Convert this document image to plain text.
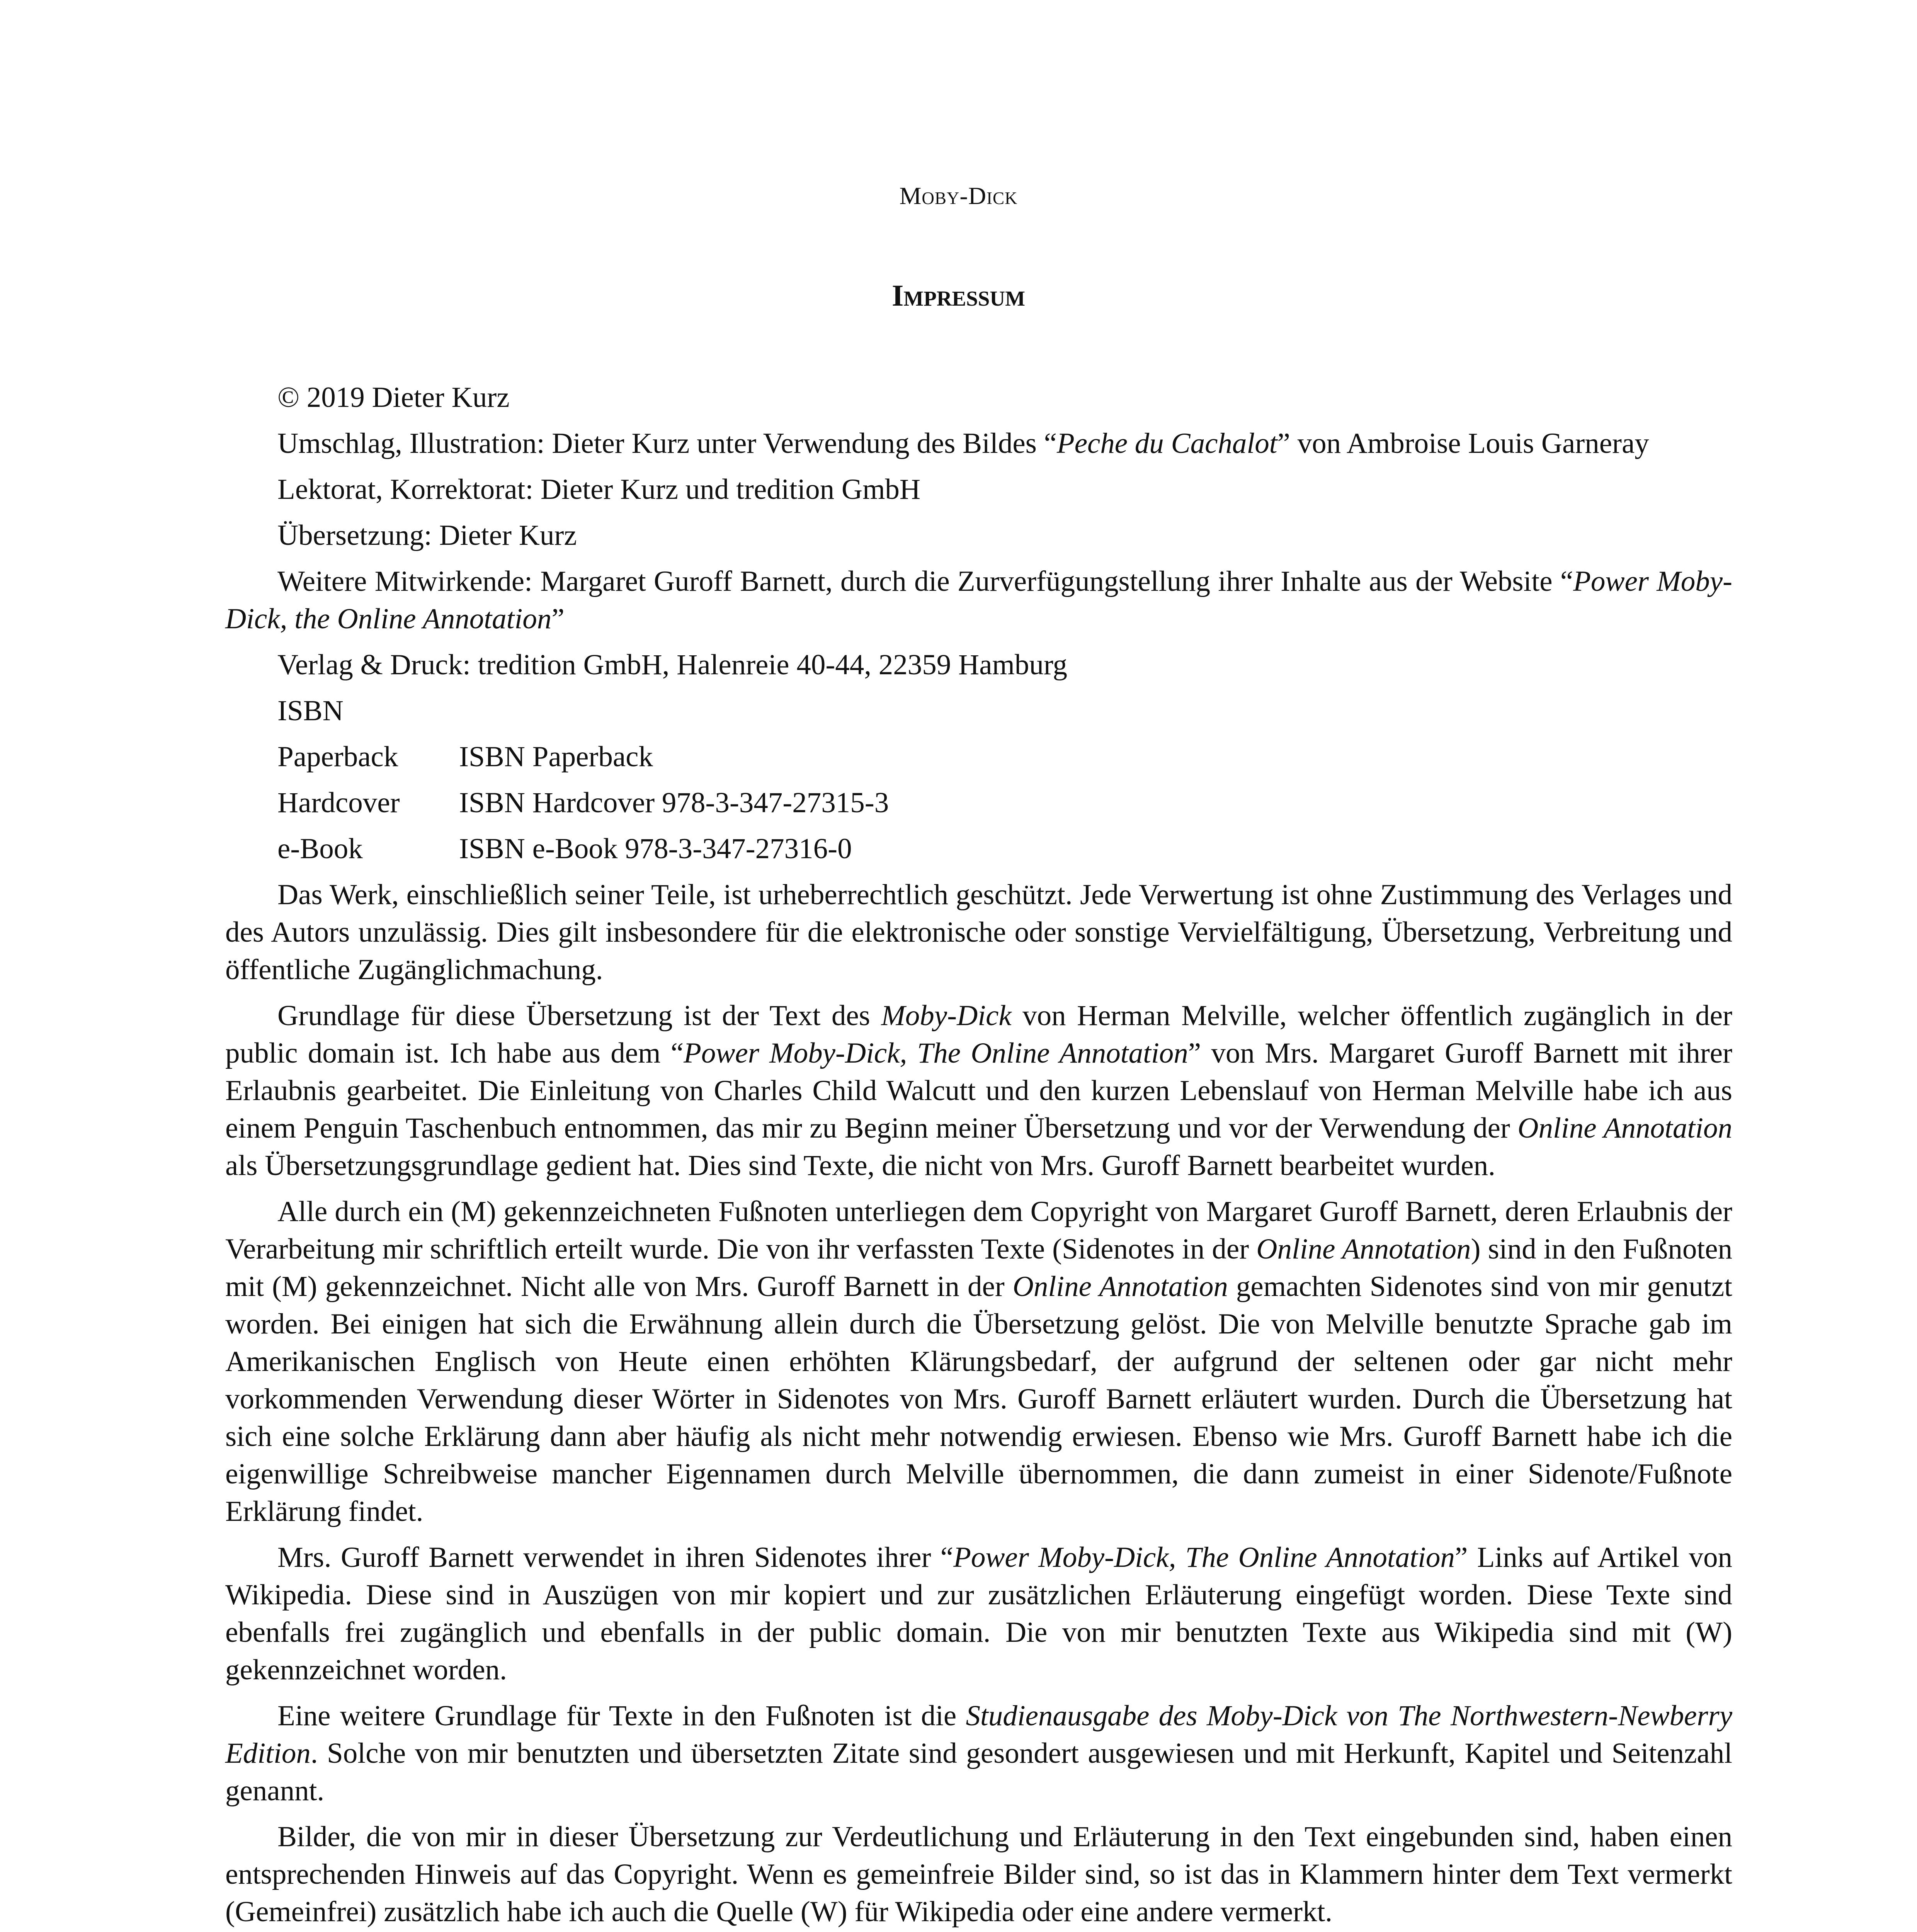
Moby-Dick
Impressum

© 2019 Dieter Kurz

Umschlag, Illustration: Dieter Kurz unter Verwendung des Bildes “Peche du Cachalot” von Ambroise Louis Garneray

Lektorat, Korrektorat: Dieter Kurz und tredition GmbH

Übersetzung: Dieter Kurz

Weitere Mitwirkende: Margaret Guroff Barnett, durch die Zurverfügungstellung ihrer Inhalte aus der Website “Power Moby-Dick, the Online Annotation”

Verlag & Druck: tredition GmbH, Halenreie 40-44, 22359 Hamburg

ISBN

Paperback	ISBN Paperback
Hardcover	ISBN Hardcover 978-3-347-27315-3
e-Book	ISBN e-Book 978-3-347-27316-0

Das Werk, einschließlich seiner Teile, ist urheberrechtlich geschützt. Jede Verwertung ist ohne Zustimmung des Verlages und des Autors unzulässig. Dies gilt insbesondere für die elektronische oder sonstige Vervielfältigung, Übersetzung, Verbreitung und öffentliche Zugänglichmachung.

Grundlage für diese Übersetzung ist der Text des Moby-Dick von Herman Melville, welcher öffentlich zugänglich in der public domain ist. Ich habe aus dem “Power Moby-Dick, The Online Annotation” von Mrs. Margaret Guroff Barnett mit ihrer Erlaubnis gearbeitet. Die Einleitung von Charles Child Walcutt und den kurzen Lebenslauf von Herman Melville habe ich aus einem Penguin Taschenbuch entnommen, das mir zu Beginn meiner Übersetzung und vor der Verwendung der Online Annotation als Übersetzungsgrundlage gedient hat. Dies sind Texte, die nicht von Mrs. Guroff Barnett bearbeitet wurden.

Alle durch ein (M) gekennzeichneten Fußnoten unterliegen dem Copyright von Margaret Guroff Barnett, deren Erlaubnis der Verarbeitung mir schriftlich erteilt wurde. Die von ihr verfassten Texte (Sidenotes in der Online Annotation) sind in den Fußnoten mit (M) gekennzeichnet. Nicht alle von Mrs. Guroff Barnett in der Online Annotation gemachten Sidenotes sind von mir genutzt worden. Bei einigen hat sich die Erwähnung allein durch die Übersetzung gelöst. Die von Melville benutzte Sprache gab im Amerikanischen Englisch von Heute einen erhöhten Klärungsbedarf, der aufgrund der seltenen oder gar nicht mehr vorkommenden Verwendung dieser Wörter in Sidenotes von Mrs. Guroff Barnett erläutert wurden. Durch die Übersetzung hat sich eine solche Erklärung dann aber häufig als nicht mehr notwendig erwiesen. Ebenso wie Mrs. Guroff Barnett habe ich die eigenwillige Schreibweise mancher Eigennamen durch Melville übernommen, die dann zumeist in einer Sidenote/Fußnote Erklärung findet.

Mrs. Guroff Barnett verwendet in ihren Sidenotes ihrer “Power Moby-Dick, The Online Annotation” Links auf Artikel von Wikipedia. Diese sind in Auszügen von mir kopiert und zur zusätzlichen Erläuterung eingefügt worden. Diese Texte sind ebenfalls frei zugänglich und ebenfalls in der public domain. Die von mir benutzten Texte aus Wikipedia sind mit (W) gekennzeichnet worden.

Eine weitere Grundlage für Texte in den Fußnoten ist die Studienausgabe des Moby-Dick von The Northwestern-Newberry Edition. Solche von mir benutzten und übersetzten Zitate sind gesondert ausgewiesen und mit Herkunft, Kapitel und Seitenzahl genannt.

Bilder, die von mir in dieser Übersetzung zur Verdeutlichung und Erläuterung in den Text eingebunden sind, haben einen entsprechenden Hinweis auf das Copyright. Wenn es gemeinfreie Bilder sind, so ist das in Klammern hinter dem Text vermerkt (Gemeinfrei) zusätzlich habe ich auch die Quelle (W) für Wikipedia oder eine andere vermerkt.
